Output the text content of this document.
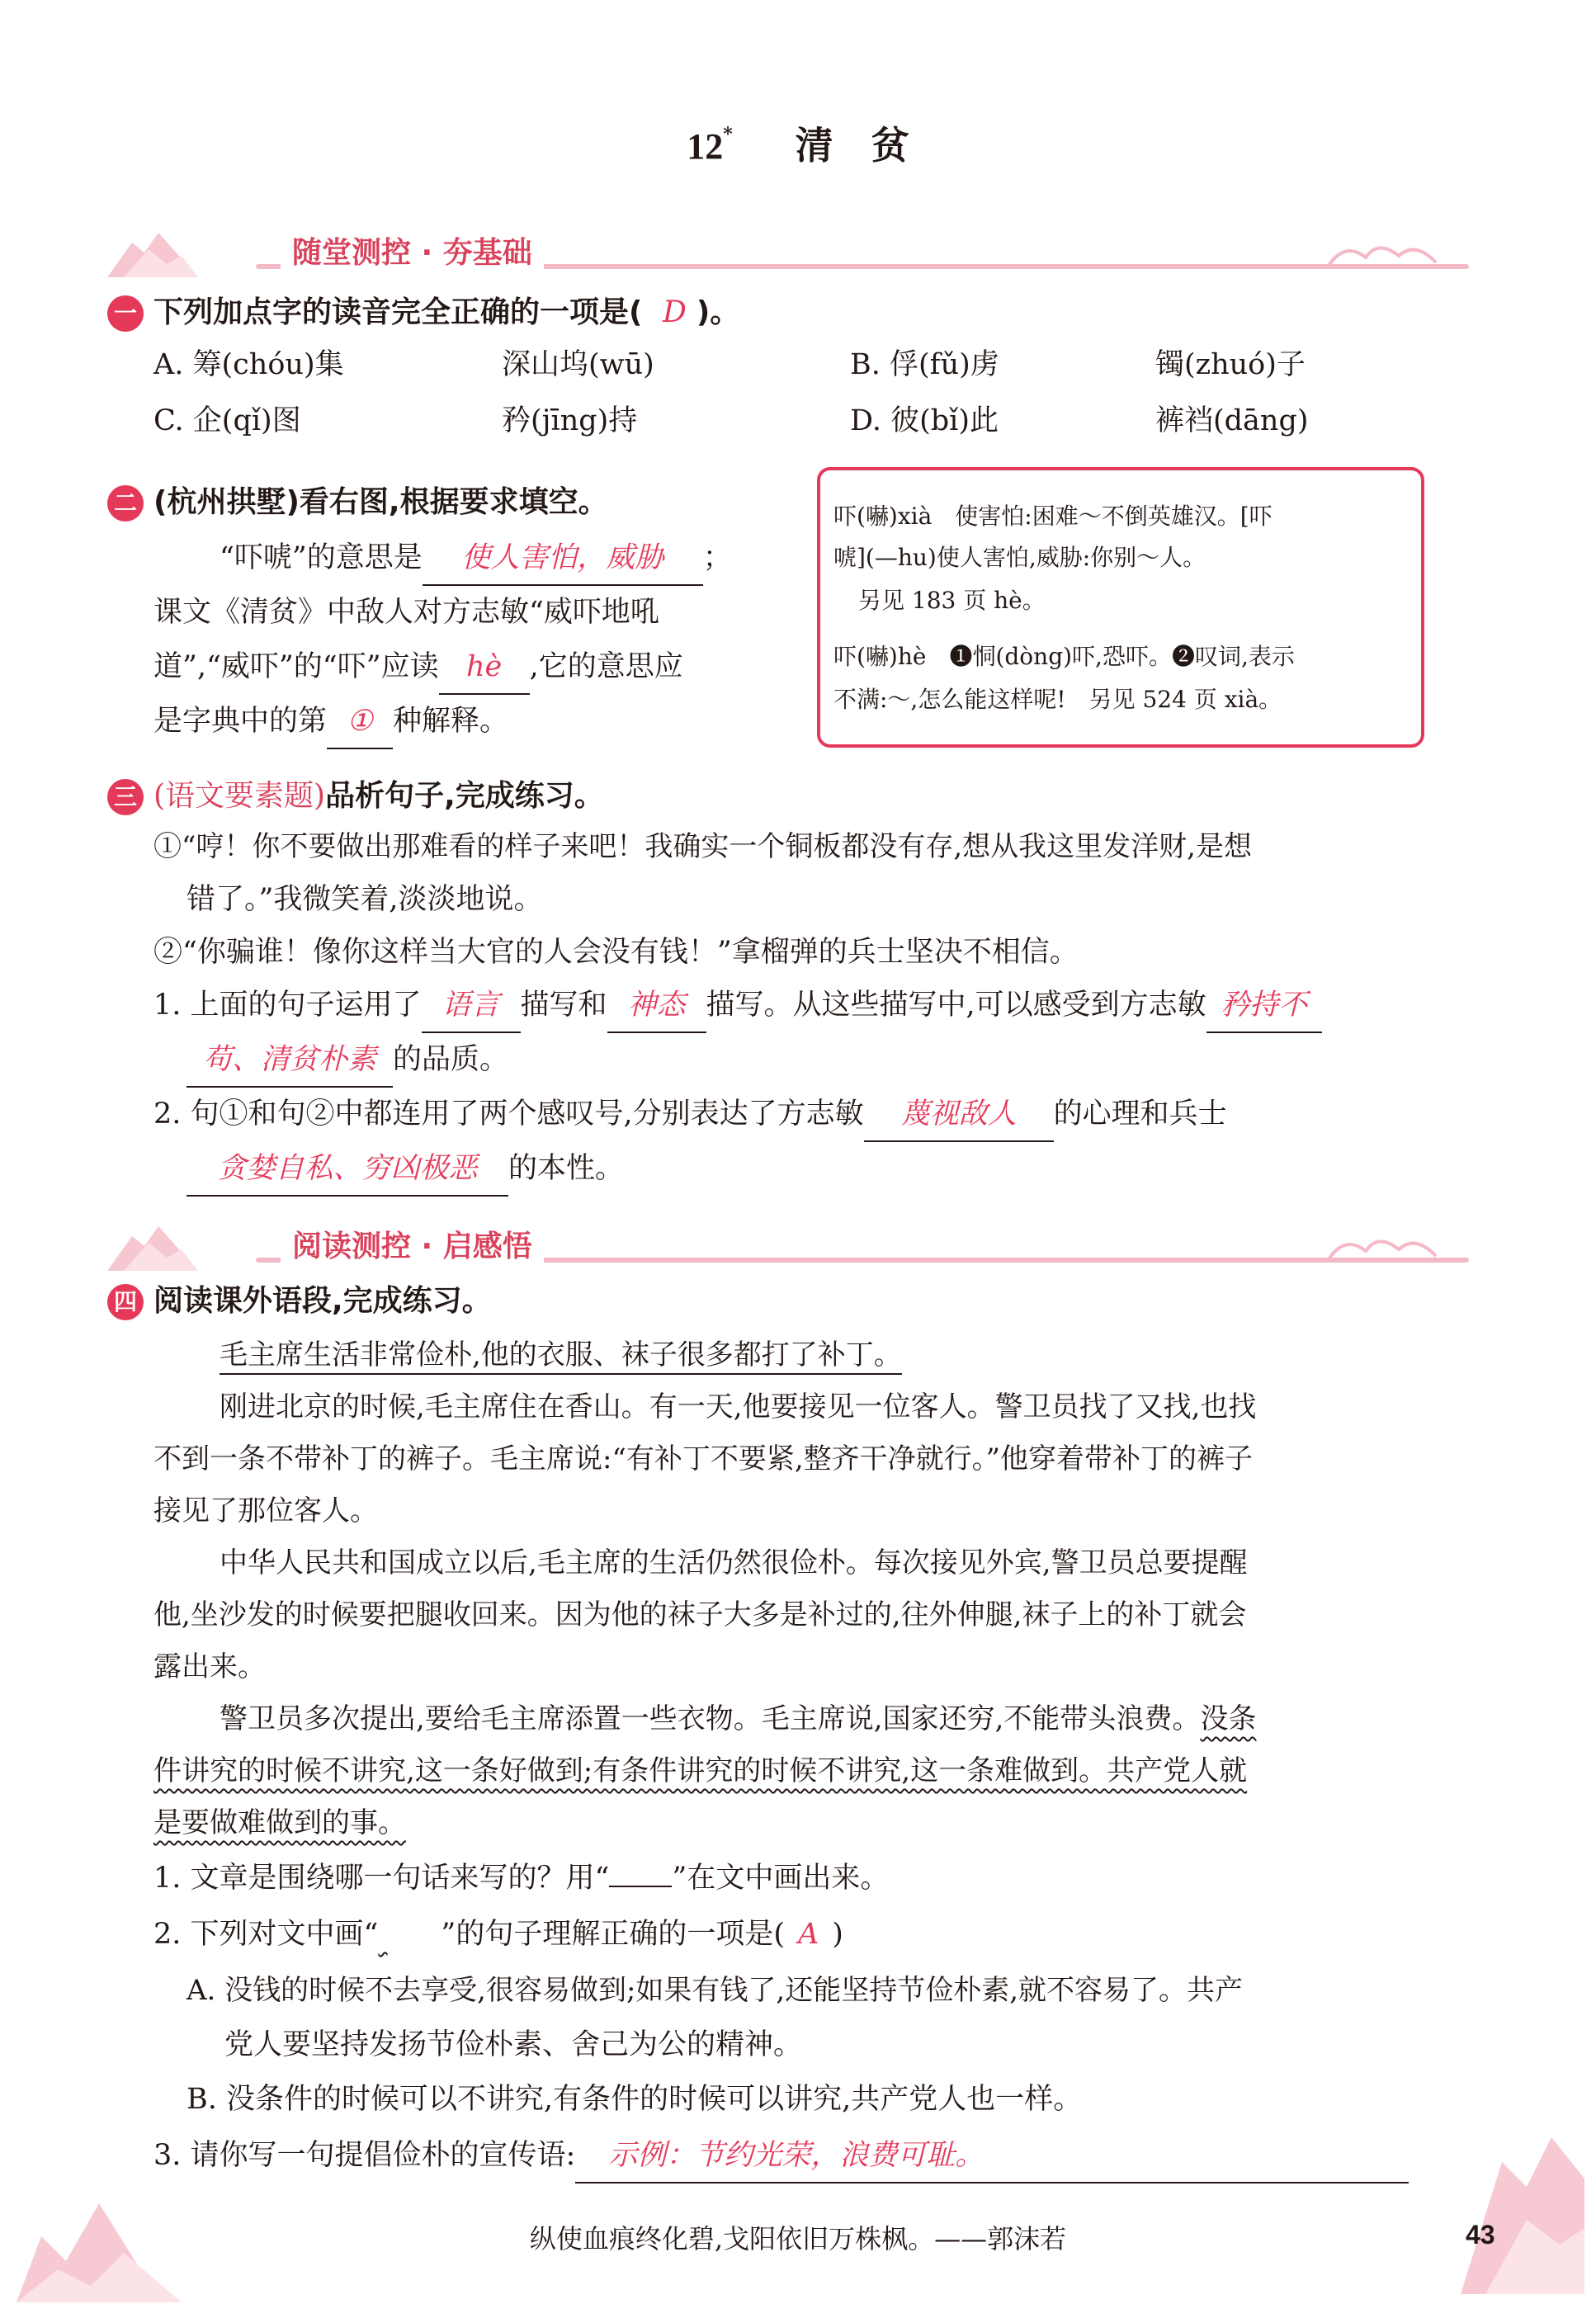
12* 清　贫
随堂测控 · 夯基础
一 下列加点字的读音完全正确的一项是( D )。
A. 筹(chóu)集	深山坞(wū)	B. 俘(fǔ)虏	镯(zhuó)子
C. 企(qǐ)图	矜(jīng)持	D. 彼(bǐ)此	裤裆(dāng)
二 (杭州拱墅)看右图,根据要求填空。
“吓唬”的意思是 使人害怕，威胁 ；
课文《清贫》中敌人对方志敏“威吓地吼
道”,“威吓”的“吓”应读 hè ,它的意思应
是字典中的第 ① 种解释。
吓(嚇)xià　使害怕:困难～不倒英雄汉。[吓
唬](—hu)使人害怕,威胁:你别～人。
另见 183 页 hè。
吓(嚇)hè　❶恫(dòng)吓,恐吓。❷叹词,表示
不满:～,怎么能这样呢!　另见 524 页 xià。
三 (语文要素题)品析句子,完成练习。
①“哼！你不要做出那难看的样子来吧！我确实一个铜板都没有存,想从我这里发洋财,是想
错了。”我微笑着,淡淡地说。
②“你骗谁！像你这样当大官的人会没有钱！”拿榴弹的兵士坚决不相信。
1. 上面的句子运用了 语言 描写和 神态 描写。从这些描写中,可以感受到方志敏 矜持不
苟、清贫朴素 的品质。
2. 句①和句②中都连用了两个感叹号,分别表达了方志敏 蔑视敌人 的心理和兵士
贪婪自私、穷凶极恶 的本性。
阅读测控 · 启感悟
四 阅读课外语段,完成练习。
毛主席生活非常俭朴,他的衣服、袜子很多都打了补丁。
刚进北京的时候,毛主席住在香山。有一天,他要接见一位客人。警卫员找了又找,也找
不到一条不带补丁的裤子。毛主席说:“有补丁不要紧,整齐干净就行。”他穿着带补丁的裤子
接见了那位客人。
中华人民共和国成立以后,毛主席的生活仍然很俭朴。每次接见外宾,警卫员总要提醒
他,坐沙发的时候要把腿收回来。因为他的袜子大多是补过的,往外伸腿,袜子上的补丁就会
露出来。
警卫员多次提出,要给毛主席添置一些衣物。毛主席说,国家还穷,不能带头浪费。没条
件讲究的时候不讲究,这一条好做到;有条件讲究的时候不讲究,这一条难做到。共产党人就
是要做难做到的事。
1. 文章是围绕哪一句话来写的？用“ ”在文中画出来。
2. 下列对文中画“ ”的句子理解正确的一项是( A )
A. 没钱的时候不去享受,很容易做到;如果有钱了,还能坚持节俭朴素,就不容易了。共产
党人要坚持发扬节俭朴素、舍己为公的精神。
B. 没条件的时候可以不讲究,有条件的时候可以讲究,共产党人也一样。
3. 请你写一句提倡俭朴的宣传语: 示例：节约光荣，浪费可耻。
纵使血痕终化碧,戈阳依旧万株枫。——郭沫若	43
